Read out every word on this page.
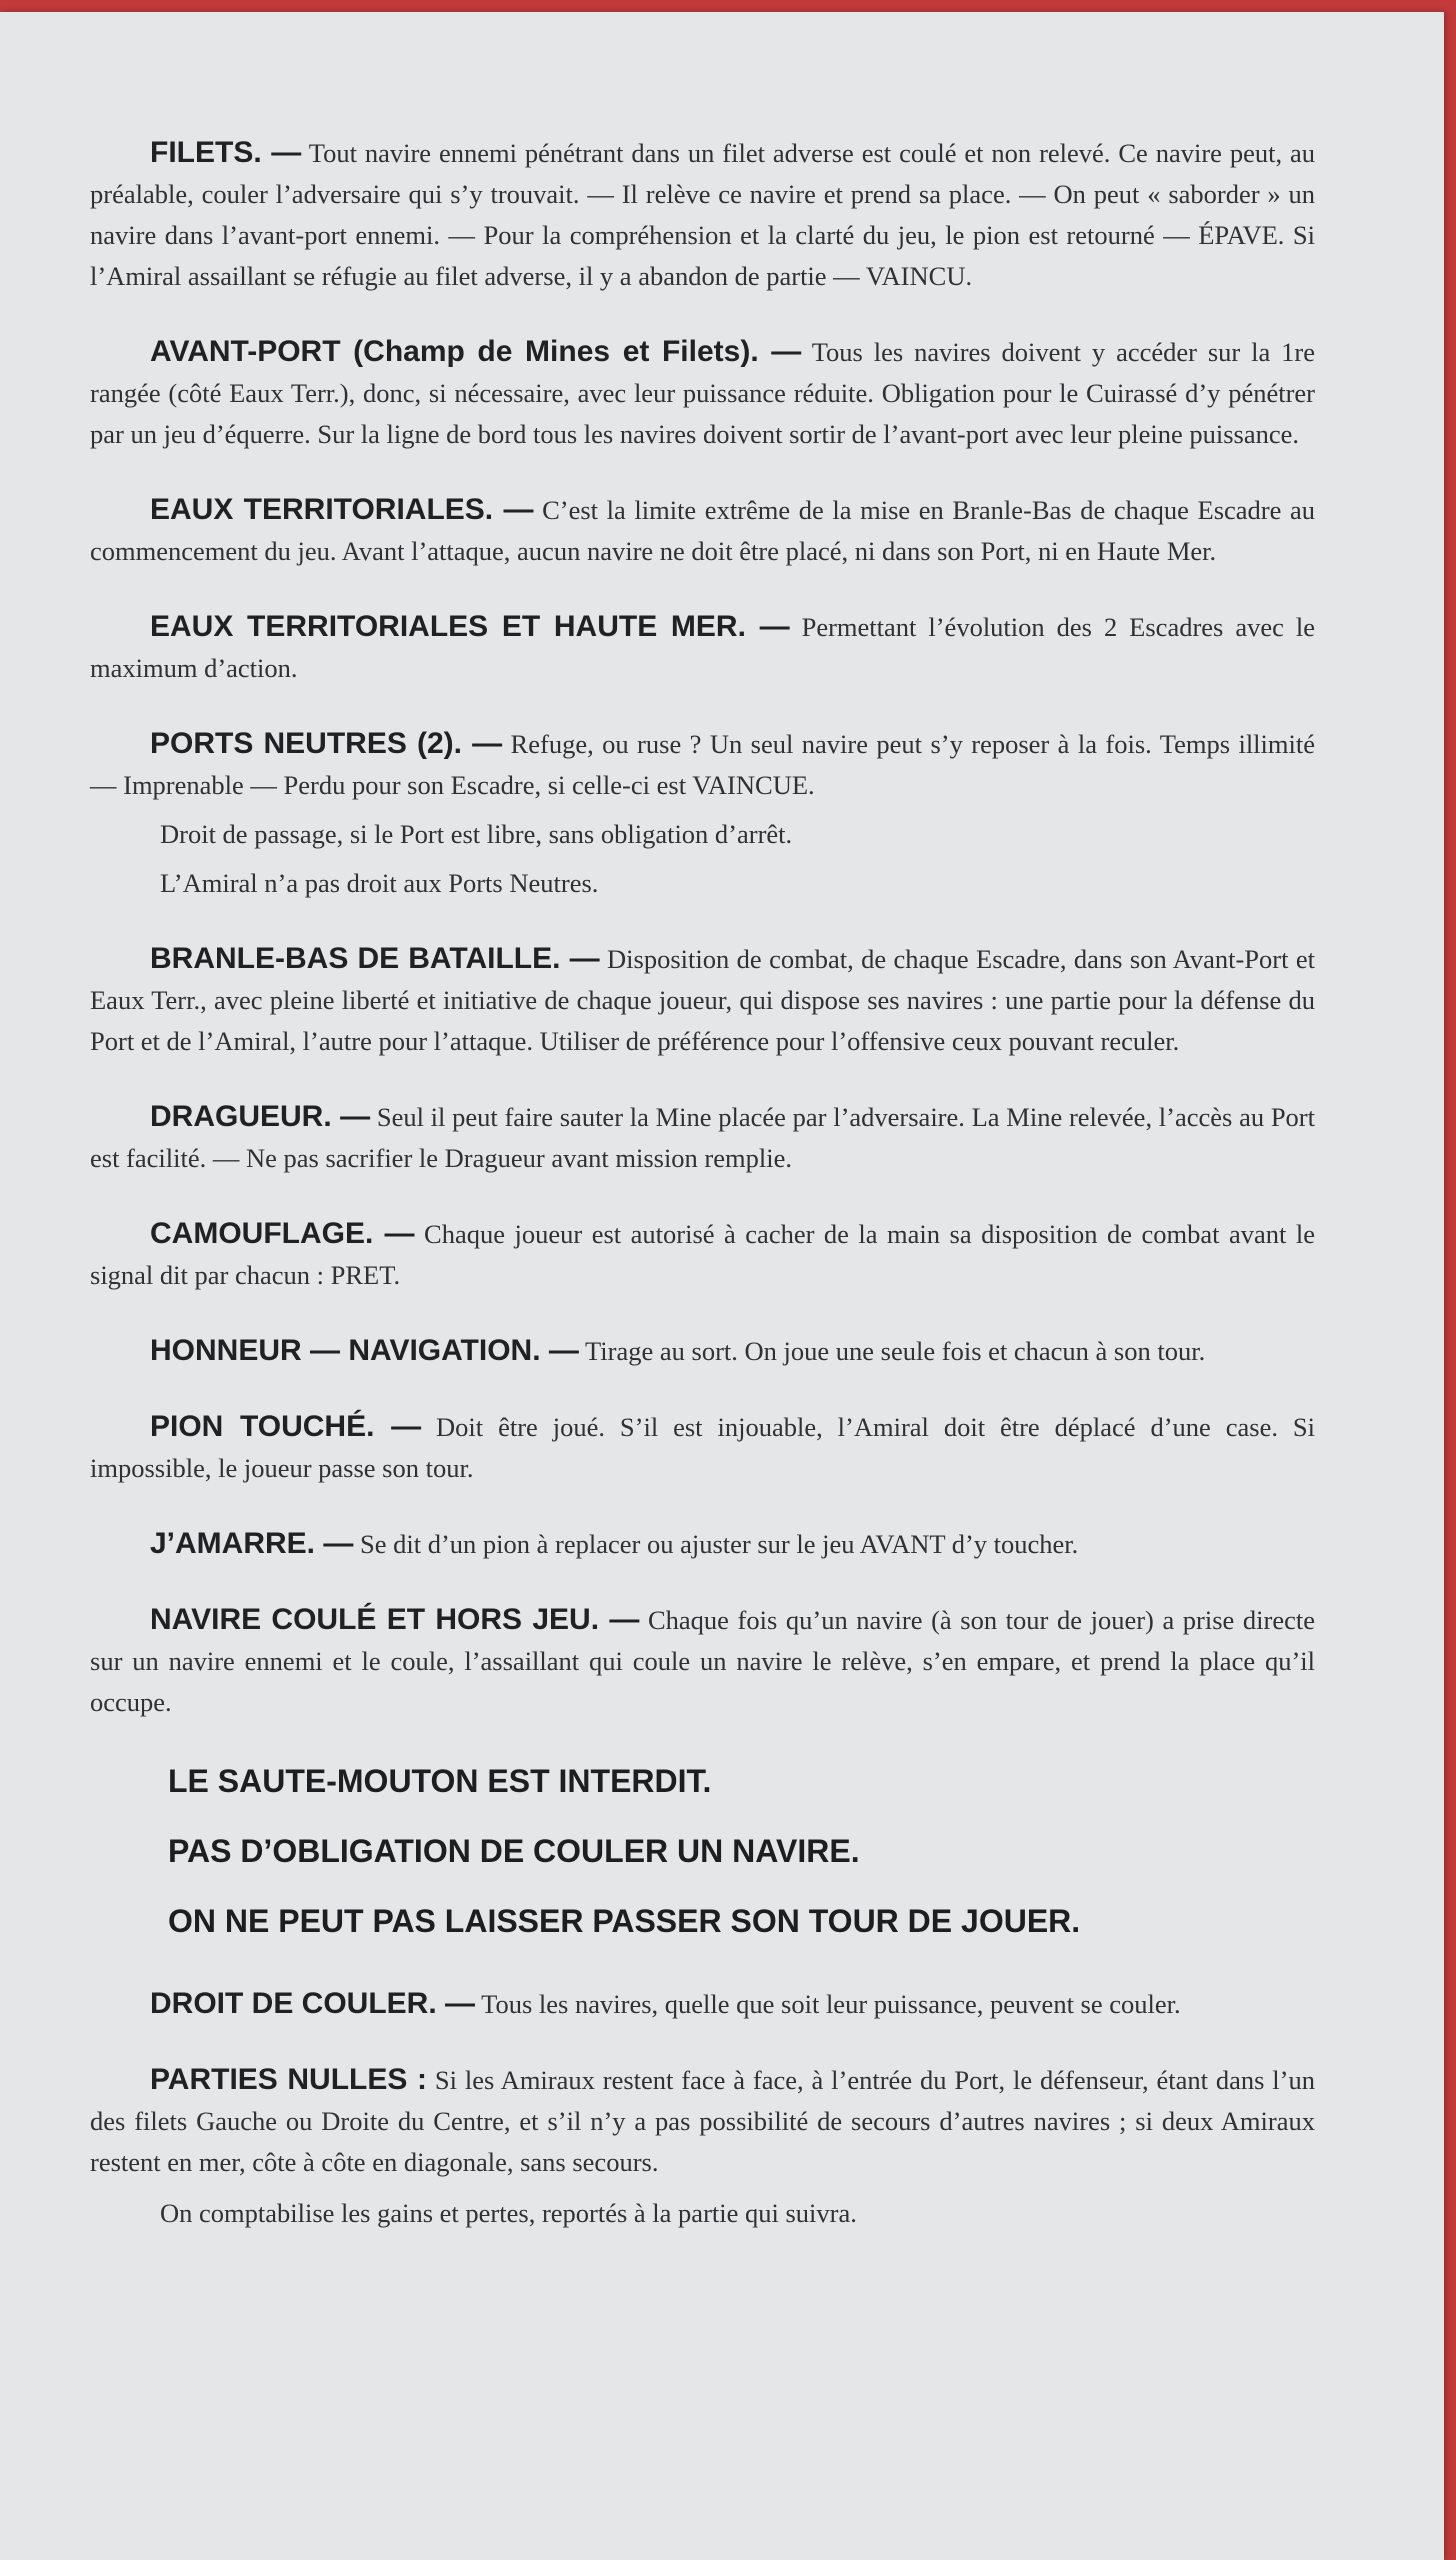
FILETS. — Tout navire ennemi pénétrant dans un filet adverse est coulé et non relevé. Ce navire peut, au préalable, couler l’adversaire qui s’y trouvait. — Il relève ce navire et prend sa place. — On peut « saborder » un navire dans l’avant-port ennemi. — Pour la compréhension et la clarté du jeu, le pion est retourné — ÉPAVE. Si l’Amiral assaillant se réfugie au filet adverse, il y a abandon de partie — VAINCU.

AVANT-PORT (Champ de Mines et Filets). — Tous les navires doivent y accéder sur la 1re rangée (côté Eaux Terr.), donc, si nécessaire, avec leur puissance réduite. Obligation pour le Cuirassé d’y pénétrer par un jeu d’équerre. Sur la ligne de bord tous les navires doivent sortir de l’avant-port avec leur pleine puissance.

EAUX TERRITORIALES. — C’est la limite extrême de la mise en Branle-Bas de chaque Escadre au commencement du jeu. Avant l’attaque, aucun navire ne doit être placé, ni dans son Port, ni en Haute Mer.

EAUX TERRITORIALES ET HAUTE MER. — Permettant l’évolution des 2 Escadres avec le maximum d’action.

PORTS NEUTRES (2). — Refuge, ou ruse ? Un seul navire peut s’y reposer à la fois. Temps illimité — Imprenable — Perdu pour son Escadre, si celle-ci est VAINCUE.
Droit de passage, si le Port est libre, sans obligation d’arrêt.
L’Amiral n’a pas droit aux Ports Neutres.

BRANLE-BAS DE BATAILLE. — Disposition de combat, de chaque Escadre, dans son Avant-Port et Eaux Terr., avec pleine liberté et initiative de chaque joueur, qui dispose ses navires : une partie pour la défense du Port et de l’Amiral, l’autre pour l’attaque. Utiliser de préférence pour l’offensive ceux pouvant reculer.

DRAGUEUR. — Seul il peut faire sauter la Mine placée par l’adversaire. La Mine relevée, l’accès au Port est facilité. — Ne pas sacrifier le Dragueur avant mission remplie.

CAMOUFLAGE. — Chaque joueur est autorisé à cacher de la main sa disposition de combat avant le signal dit par chacun : PRET.

HONNEUR — NAVIGATION. — Tirage au sort. On joue une seule fois et chacun à son tour.

PION TOUCHÉ. — Doit être joué. S’il est injouable, l’Amiral doit être déplacé d’une case. Si impossible, le joueur passe son tour.

J’AMARRE. — Se dit d’un pion à replacer ou ajuster sur le jeu AVANT d’y toucher.

NAVIRE COULÉ ET HORS JEU. — Chaque fois qu’un navire (à son tour de jouer) a prise directe sur un navire ennemi et le coule, l’assaillant qui coule un navire le relève, s’en empare, et prend la place qu’il occupe.

LE SAUTE-MOUTON EST INTERDIT.
PAS D’OBLIGATION DE COULER UN NAVIRE.
ON NE PEUT PAS LAISSER PASSER SON TOUR DE JOUER.

DROIT DE COULER. — Tous les navires, quelle que soit leur puissance, peuvent se couler.

PARTIES NULLES : Si les Amiraux restent face à face, à l’entrée du Port, le défenseur, étant dans l’un des filets Gauche ou Droite du Centre, et s’il n’y a pas possibilité de secours d’autres navires ; si deux Amiraux restent en mer, côte à côte en diagonale, sans secours.

On comptabilise les gains et pertes, reportés à la partie qui suivra.
